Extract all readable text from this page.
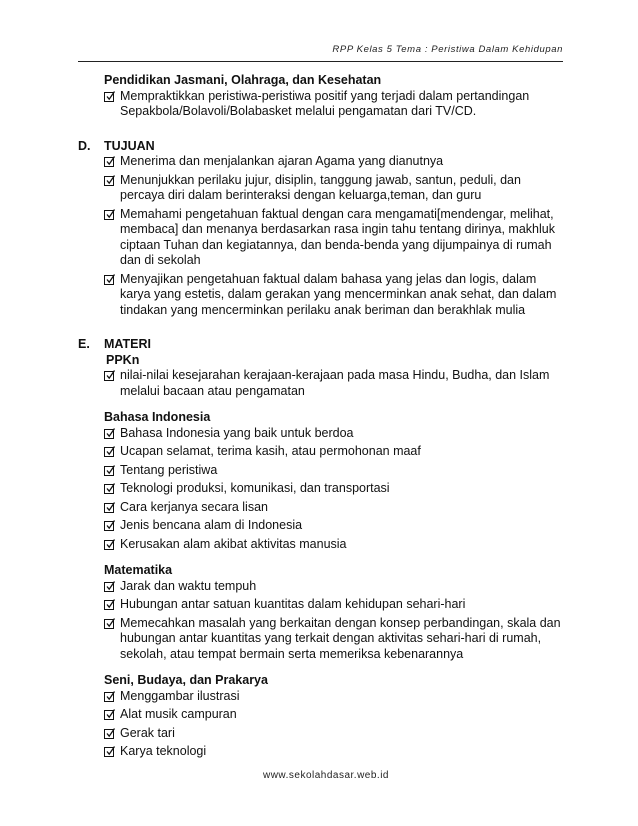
RPP Kelas 5 Tema : Peristiwa Dalam Kehidupan
Pendidikan Jasmani, Olahraga, dan Kesehatan
Mempraktikkan peristiwa-peristiwa positif yang terjadi dalam pertandingan Sepakbola/Bolavoli/Bolabasket melalui pengamatan dari TV/CD.
D. TUJUAN
Menerima dan menjalankan ajaran Agama yang dianutnya
Menunjukkan perilaku jujur, disiplin, tanggung jawab, santun, peduli, dan percaya diri dalam berinteraksi dengan keluarga,teman, dan guru
Memahami pengetahuan faktual dengan cara mengamati[mendengar, melihat, membaca] dan menanya berdasarkan rasa ingin tahu tentang dirinya, makhluk ciptaan Tuhan dan kegiatannya, dan benda-benda yang dijumpainya di rumah dan di sekolah
Menyajikan pengetahuan faktual dalam bahasa yang jelas dan logis, dalam karya yang estetis, dalam gerakan yang mencerminkan anak sehat, dan dalam tindakan yang mencerminkan perilaku anak beriman dan berakhlak mulia
E. MATERI
PPKn
nilai-nilai kesejarahan kerajaan-kerajaan pada masa Hindu, Budha, dan Islam melalui bacaan atau pengamatan
Bahasa Indonesia
Bahasa Indonesia yang baik untuk berdoa
Ucapan selamat, terima kasih, atau permohonan maaf
Tentang peristiwa
Teknologi produksi, komunikasi, dan transportasi
Cara kerjanya secara lisan
Jenis bencana alam di Indonesia
Kerusakan alam akibat aktivitas manusia
Matematika
Jarak dan waktu tempuh
Hubungan antar satuan kuantitas dalam kehidupan sehari-hari
Memecahkan masalah yang berkaitan dengan konsep perbandingan, skala dan hubungan antar kuantitas yang terkait dengan aktivitas sehari-hari di rumah, sekolah, atau tempat bermain serta memeriksa kebenarannya
Seni, Budaya, dan Prakarya
Menggambar ilustrasi
Alat musik campuran
Gerak tari
Karya teknologi
www.sekolahdasar.web.id
